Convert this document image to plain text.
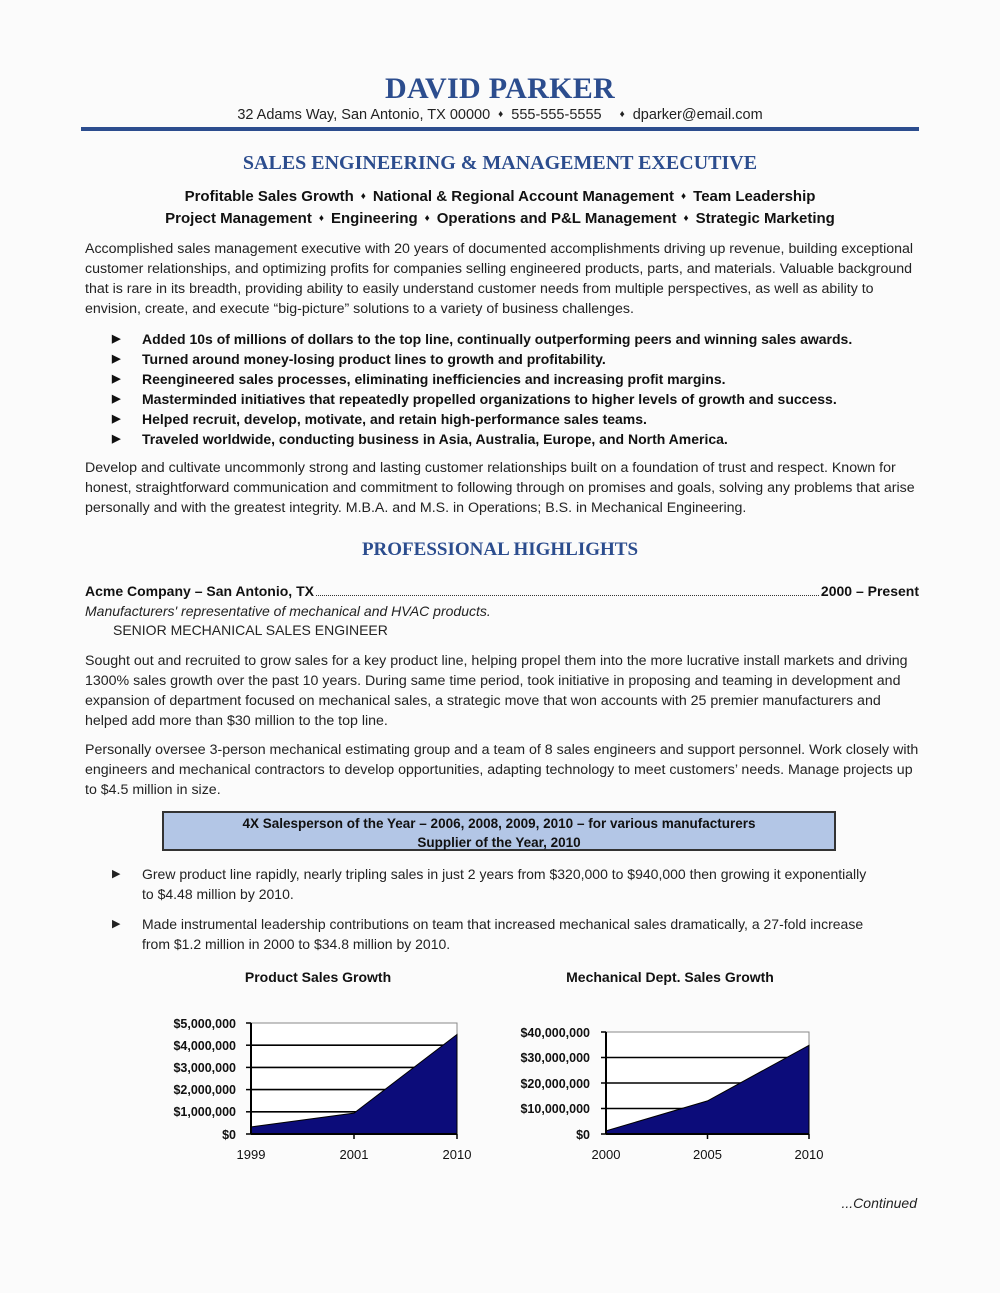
DAVID PARKER
32 Adams Way, San Antonio, TX 00000 ♦ 555-555-5555 ♦ dparker@email.com
SALES ENGINEERING & MANAGEMENT EXECUTIVE
Profitable Sales Growth ♦ National & Regional Account Management ♦ Team Leadership
Project Management ♦ Engineering ♦ Operations and P&L Management ♦ Strategic Marketing
Accomplished sales management executive with 20 years of documented accomplishments driving up revenue, building exceptional customer relationships, and optimizing profits for companies selling engineered products, parts, and materials. Valuable background that is rare in its breadth, providing ability to easily understand customer needs from multiple perspectives, as well as ability to envision, create, and execute “big-picture” solutions to a variety of business challenges.
▶ Added 10s of millions of dollars to the top line, continually outperforming peers and winning sales awards.
▶ Turned around money-losing product lines to growth and profitability.
▶ Reengineered sales processes, eliminating inefficiencies and increasing profit margins.
▶ Masterminded initiatives that repeatedly propelled organizations to higher levels of growth and success.
▶ Helped recruit, develop, motivate, and retain high-performance sales teams.
▶ Traveled worldwide, conducting business in Asia, Australia, Europe, and North America.
Develop and cultivate uncommonly strong and lasting customer relationships built on a foundation of trust and respect. Known for honest, straightforward communication and commitment to following through on promises and goals, solving any problems that arise personally and with the greatest integrity. M.B.A. and M.S. in Operations; B.S. in Mechanical Engineering.
PROFESSIONAL HIGHLIGHTS
Acme Company – San Antonio, TX	2000 – Present
Manufacturers' representative of mechanical and HVAC products.
SENIOR MECHANICAL SALES ENGINEER
Sought out and recruited to grow sales for a key product line, helping propel them into the more lucrative install markets and driving 1300% sales growth over the past 10 years. During same time period, took initiative in proposing and teaming in development and expansion of department focused on mechanical sales, a strategic move that won accounts with 25 premier manufacturers and helped add more than $30 million to the top line.
Personally oversee 3-person mechanical estimating group and a team of 8 sales engineers and support personnel. Work closely with engineers and mechanical contractors to develop opportunities, adapting technology to meet customers’ needs. Manage projects up to $4.5 million in size.
4X Salesperson of the Year – 2006, 2008, 2009, 2010 – for various manufacturers
Supplier of the Year, 2010
▶ Grew product line rapidly, nearly tripling sales in just 2 years from $320,000 to $940,000 then growing it exponentially to $4.48 million by 2010.
▶ Made instrumental leadership contributions on team that increased mechanical sales dramatically, a 27-fold increase from $1.2 million in 2000 to $34.8 million by 2010.
Product Sales Growth
$5,000,000
$4,000,000
$3,000,000
$2,000,000
$1,000,000
$0
1999	2001	2010
Mechanical Dept. Sales Growth
$40,000,000
$30,000,000
$20,000,000
$10,000,000
$0
2000	2005	2010
...Continued
